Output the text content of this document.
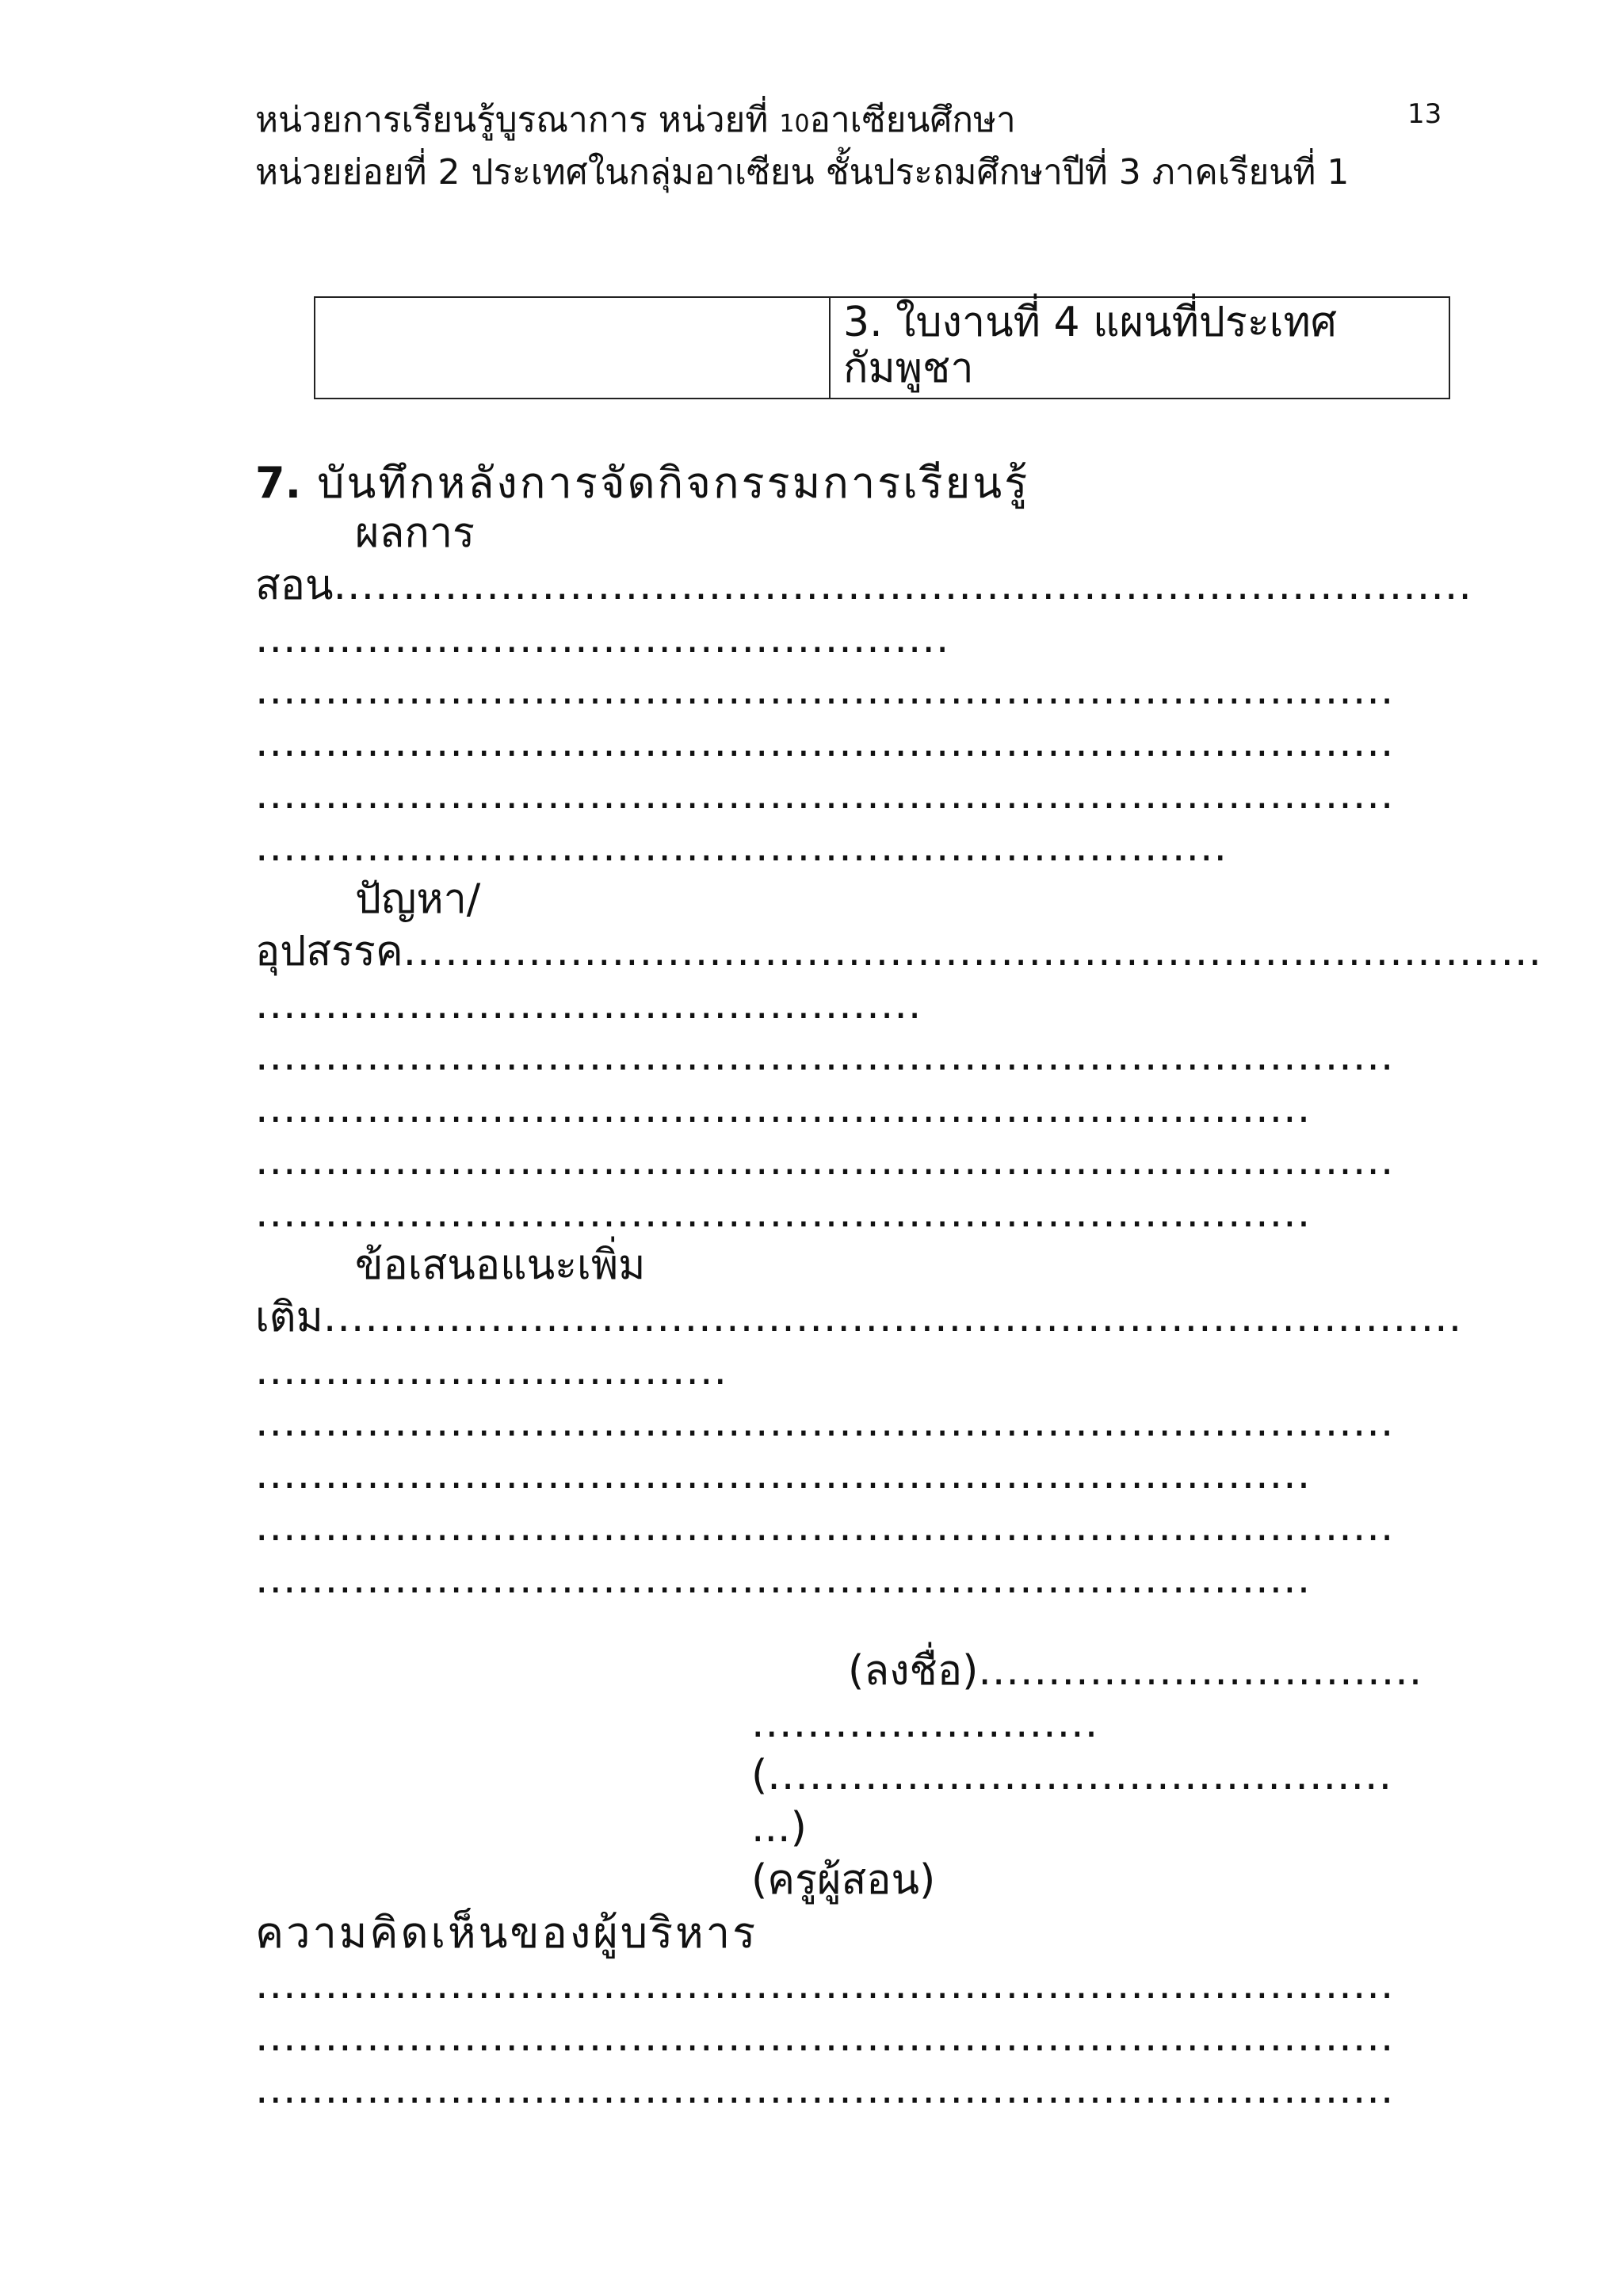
หน่วยการเรียนรู้บูรณาการ หน่วยที่ 10อาเซียนศึกษา	13
หน่วยย่อยที่ 2 ประเทศในกลุ่มอาเซียน ชั้นประถมศึกษาปีที่ 3 ภาคเรียนที่ 1
3. ใบงานที่ 4 แผนที่ประเทศ
กัมพูชา
7. บันทึกหลังการจัดกิจกรรมการเรียนรู้
ผลการ
สอน..................................................................................
..................................................
..................................................................................
..................................................................................
..................................................................................
......................................................................
ปัญหา/
อุปสรรค..................................................................................
................................................
..................................................................................
............................................................................
..................................................................................
............................................................................
ข้อเสนอแนะเพิ่ม
เติม..................................................................................
..................................
..................................................................................
............................................................................
..................................................................................
............................................................................
(ลงชื่อ)................................
.........................
(.............................................
...)
(ครูผู้สอน)
ความคิดเห็นของผู้บริหาร
..................................................................................
..................................................................................
..................................................................................
